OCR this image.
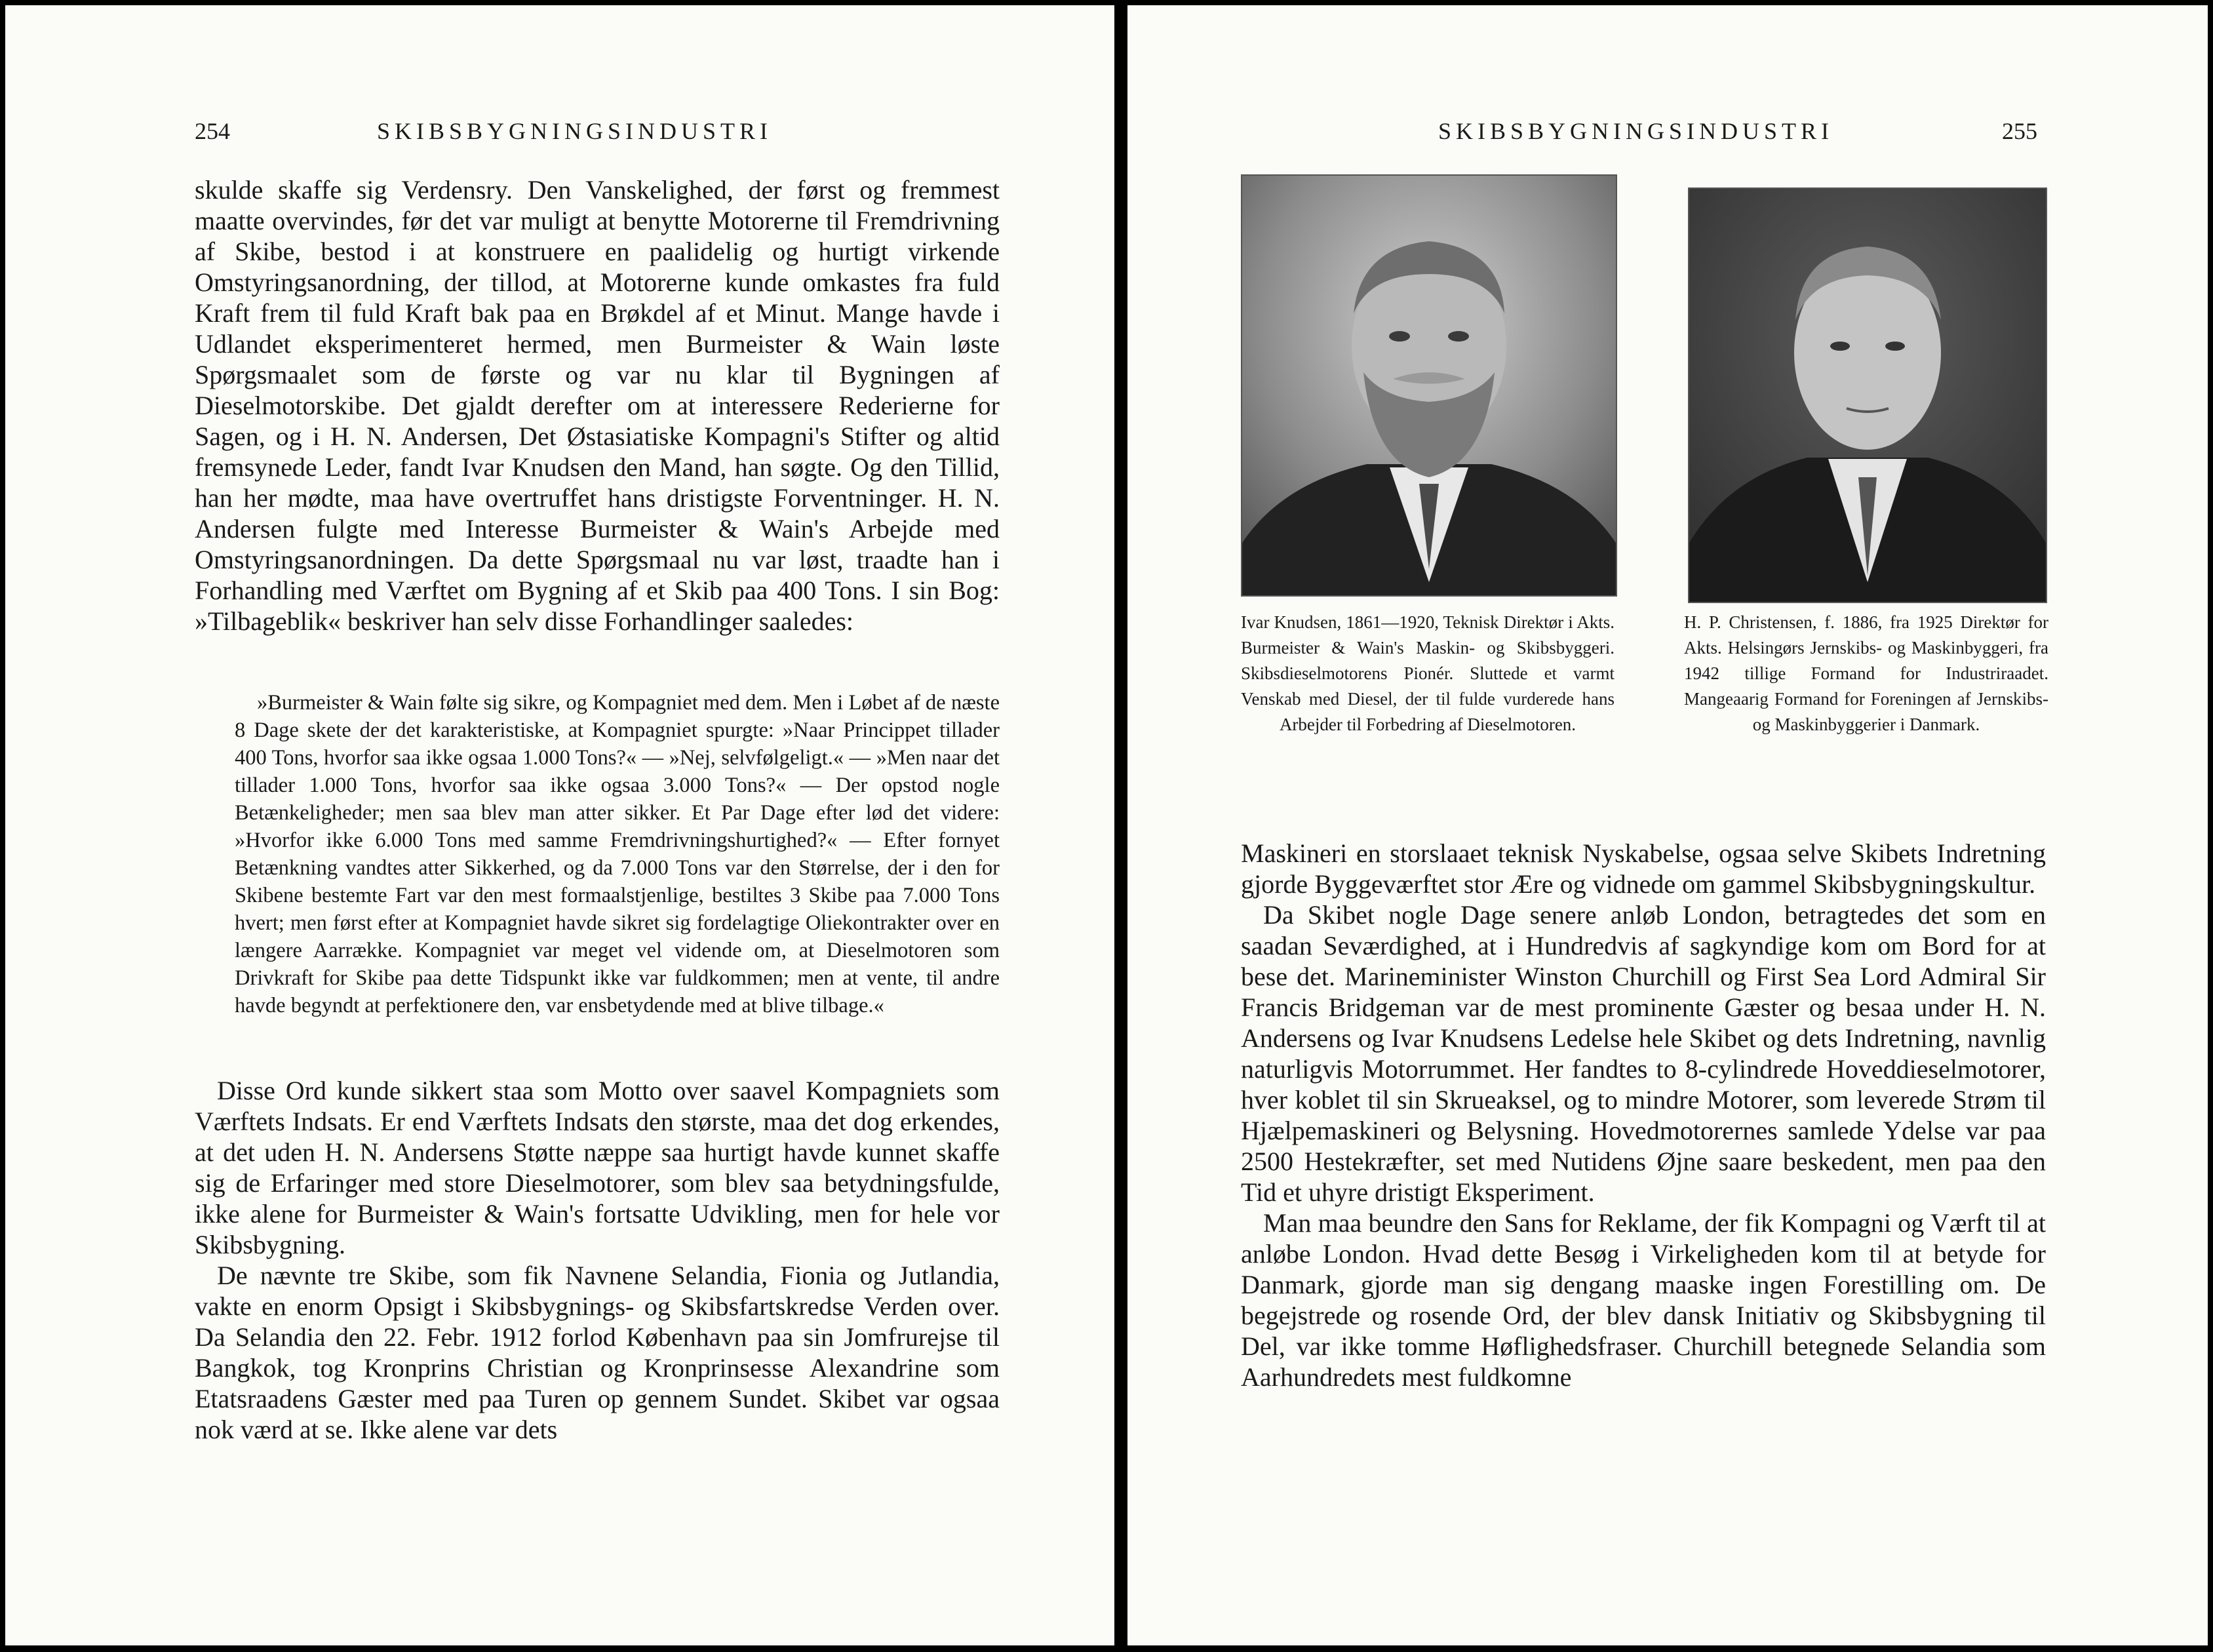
254	SKIBSBYGNINGSINDUSTRI

skulde skaffe sig Verdensry. Den Vanskelighed, der først og fremmest maatte overvindes, før det var muligt at benytte Motorerne til Fremdrivning af Skibe, bestod i at konstruere en paalidelig og hurtigt virkende Omstyringsanordning, der tillod, at Motorerne kunde omkastes fra fuld Kraft frem til fuld Kraft bak paa en Brøkdel af et Minut. Mange havde i Udlandet eksperimenteret hermed, men Burmeister & Wain løste Spørgsmaalet som de første og var nu klar til Bygningen af Dieselmotorskibe. Det gjaldt derefter om at interessere Rederierne for Sagen, og i H. N. Andersen, Det Østasiatiske Kompagni's Stifter og altid fremsynede Leder, fandt Ivar Knudsen den Mand, han søgte. Og den Tillid, han her mødte, maa have overtruffet hans dristigste Forventninger. H. N. Andersen fulgte med Interesse Burmeister & Wain's Arbejde med Omstyringsanordningen. Da dette Spørgsmaal nu var løst, traadte han i Forhandling med Værftet om Bygning af et Skib paa 400 Tons. I sin Bog: »Tilbageblik« beskriver han selv disse Forhandlinger saaledes:

»Burmeister & Wain følte sig sikre, og Kompagniet med dem. Men i Løbet af de næste 8 Dage skete der det karakteristiske, at Kompagniet spurgte: »Naar Princippet tillader 400 Tons, hvorfor saa ikke ogsaa 1.000 Tons?« — »Nej, selvfølgeligt.« — »Men naar det tillader 1.000 Tons, hvorfor saa ikke ogsaa 3.000 Tons?« — Der opstod nogle Betænkeligheder; men saa blev man atter sikker. Et Par Dage efter lød det videre: »Hvorfor ikke 6.000 Tons med samme Fremdrivningshurtighed?« — Efter fornyet Betænkning vandtes atter Sikkerhed, og da 7.000 Tons var den Størrelse, der i den for Skibene bestemte Fart var den mest formaalstjenlige, bestiltes 3 Skibe paa 7.000 Tons hvert; men først efter at Kompagniet havde sikret sig fordelagtige Oliekontrakter over en længere Aarrække. Kompagniet var meget vel vidende om, at Dieselmotoren som Drivkraft for Skibe paa dette Tidspunkt ikke var fuldkommen; men at vente, til andre havde begyndt at perfektionere den, var ensbetydende med at blive tilbage.«

Disse Ord kunde sikkert staa som Motto over saavel Kompagniets som Værftets Indsats. Er end Værftets Indsats den største, maa det dog erkendes, at det uden H. N. Andersens Støtte næppe saa hurtigt havde kunnet skaffe sig de Erfaringer med store Dieselmotorer, som blev saa betydningsfulde, ikke alene for Burmeister & Wain's fortsatte Udvikling, men for hele vor Skibsbygning.

De nævnte tre Skibe, som fik Navnene Selandia, Fionia og Jutlandia, vakte en enorm Opsigt i Skibsbygnings- og Skibsfartskredse Verden over. Da Selandia den 22. Febr. 1912 forlod København paa sin Jomfrurejse til Bangkok, tog Kronprins Christian og Kronprinsesse Alexandrine som Etatsraadens Gæster med paa Turen op gennem Sundet. Skibet var ogsaa nok værd at se. Ikke alene var dets

SKIBSBYGNINGSINDUSTRI	255
Ivar Knudsen, 1861—1920, Teknisk Direktør i Akts. Burmeister & Wain's Maskin- og Skibsbyggeri. Skibsdieselmotorens Pionér. Sluttede et varmt Venskab med Diesel, der til fulde vurderede hans Arbejder til Forbedring af Dieselmotoren.
H. P. Christensen, f. 1886, fra 1925 Direktør for Akts. Helsingørs Jernskibs- og Maskinbyggeri, fra 1942 tillige Formand for Industriraadet. Mangeaarig Formand for Foreningen af Jernskibs- og Maskinbyggerier i Danmark.

Maskineri en storslaaet teknisk Nyskabelse, ogsaa selve Skibets Indretning gjorde Byggeværftet stor Ære og vidnede om gammel Skibsbygningskultur.

Da Skibet nogle Dage senere anløb London, betragtedes det som en saadan Seværdighed, at i Hundredvis af sagkyndige kom om Bord for at bese det. Marineminister Winston Churchill og First Sea Lord Admiral Sir Francis Bridgeman var de mest prominente Gæster og besaa under H. N. Andersens og Ivar Knudsens Ledelse hele Skibet og dets Indretning, navnlig naturligvis Motorrummet. Her fandtes to 8-cylindrede Hoveddieselmotorer, hver koblet til sin Skrueaksel, og to mindre Motorer, som leverede Strøm til Hjælpemaskineri og Belysning. Hovedmotorernes samlede Ydelse var paa 2500 Hestekræfter, set med Nutidens Øjne saare beskedent, men paa den Tid et uhyre dristigt Eksperiment.

Man maa beundre den Sans for Reklame, der fik Kompagni og Værft til at anløbe London. Hvad dette Besøg i Virkeligheden kom til at betyde for Danmark, gjorde man sig dengang maaske ingen Forestilling om. De begejstrede og rosende Ord, der blev dansk Initiativ og Skibsbygning til Del, var ikke tomme Høflighedsfraser. Churchill betegnede Selandia som Aarhundredets mest fuldkomne
